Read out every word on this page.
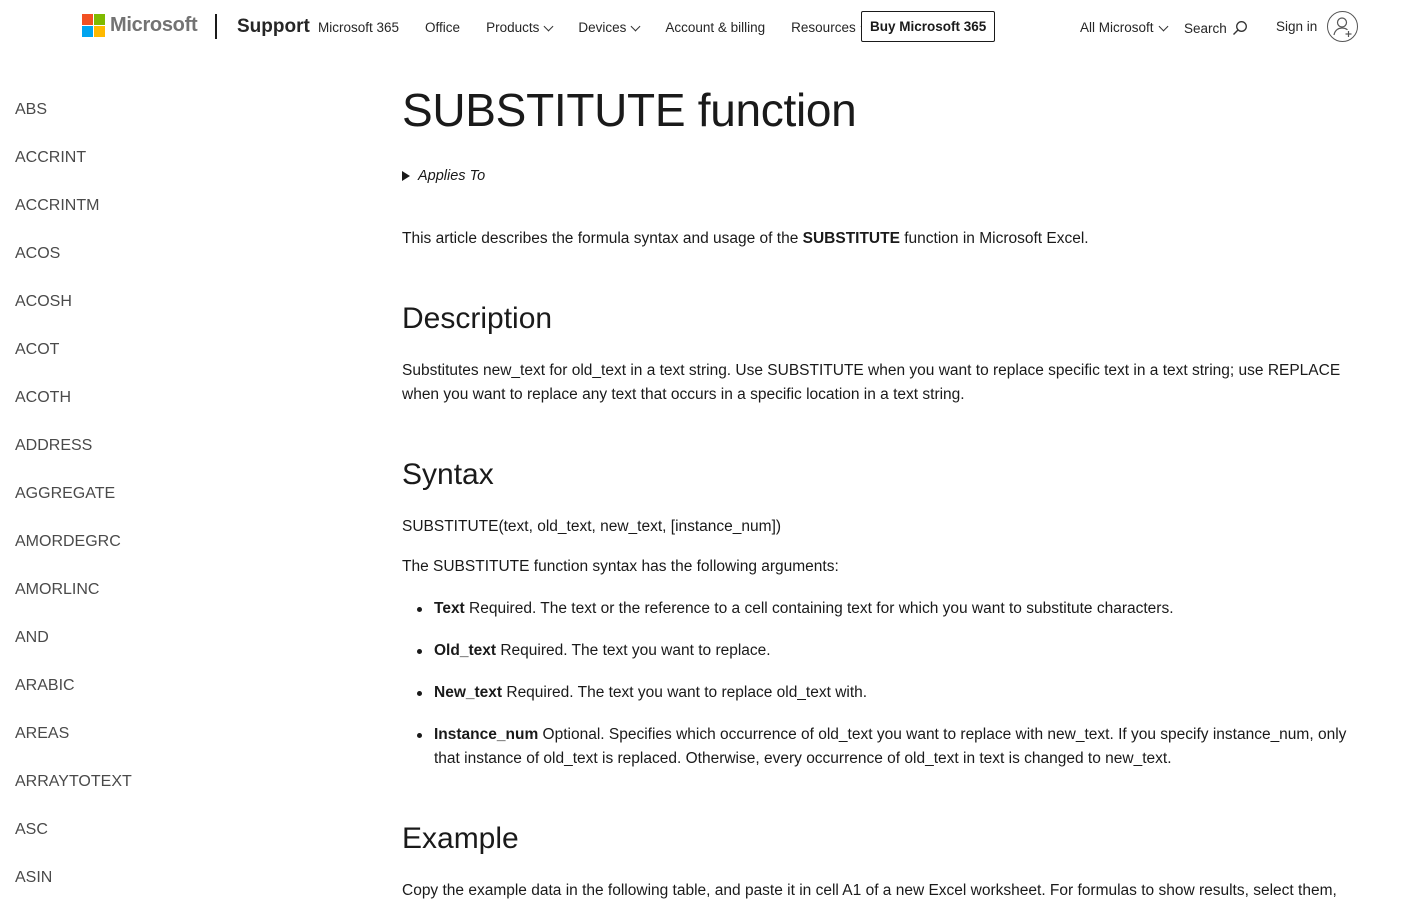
Microsoft Support Microsoft 365 Office Products	Devices	Account & billing Resources	Buy Microsoft 365	All Microsoft Search	Sign in
ABS
ACCRINT
ACCRINTM
ACOS
ACOSH
ACOT
ACOTH
ADDRESS
AGGREGATE
AMORDEGRC
AMORLINC
AND
ARABIC
AREAS
ARRAYTOTEXT
ASC
ASIN
SUBSTITUTE function
Applies To

This article describes the formula syntax and usage of the SUBSTITUTE function in Microsoft Excel.

Description

Substitutes new_text for old_text in a text string. Use SUBSTITUTE when you want to replace specific text in a text string; use REPLACE when you want to replace any text that occurs in a specific location in a text string.

Syntax

SUBSTITUTE(text, old_text, new_text, [instance_num])

The SUBSTITUTE function syntax has the following arguments:

Text Required. The text or the reference to a cell containing text for which you want to substitute characters.
Old_text Required. The text you want to replace.
New_text Required. The text you want to replace old_text with.
Instance_num Optional. Specifies which occurrence of old_text you want to replace with new_text. If you specify instance_num, only that instance of old_text is replaced. Otherwise, every occurrence of old_text in text is changed to new_text.
Example

Copy the example data in the following table, and paste it in cell A1 of a new Excel worksheet. For formulas to show results, select them,
